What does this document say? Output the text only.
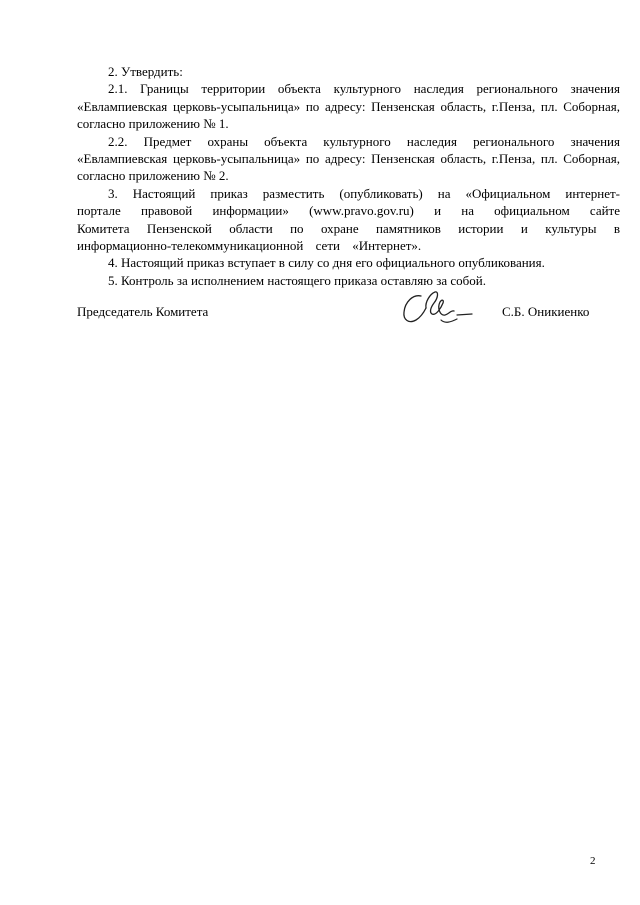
2. Утвердить:

2.1. Границы территории объекта культурного наследия регионального значения «Евлампиевская церковь-усыпальница» по адресу: Пензенская область, г.Пенза, пл. Соборная, согласно приложению № 1.

2.2. Предмет охраны объекта культурного наследия регионального значения «Евлампиевская церковь-усыпальница» по адресу: Пензенская область, г.Пенза, пл. Соборная, согласно приложению № 2.

3. Настоящий приказ разместить (опубликовать) на «Официальном интернет-портале правовой информации» (www.pravo.gov.ru) и на официальном сайте Комитета Пензенской области по охране памятников истории и культуры в информационно-телекоммуникационной сети «Интернет».

4. Настоящий приказ вступает в силу со дня его официального опубликования.

5. Контроль за исполнением настоящего приказа оставляю за собой.

Председатель Комитета	С.Б. Оникиенко
2
